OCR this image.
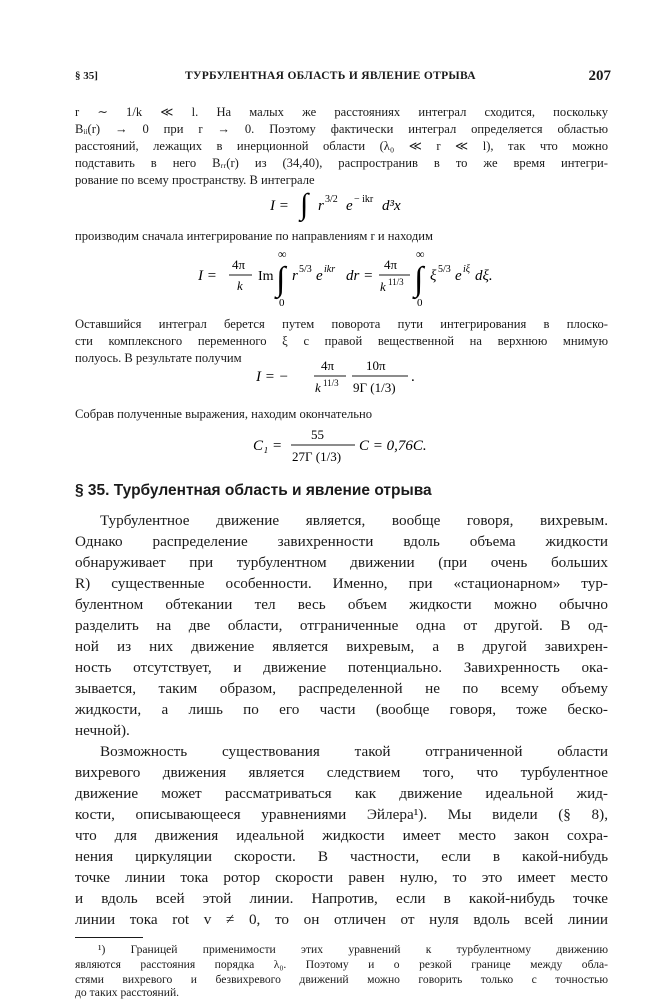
§ 35]	ТУРБУЛЕНТНАЯ ОБЛАСТЬ И ЯВЛЕНИЕ ОТРЫВА	207
r ∼ 1/k ≪ l. На малых же расстояниях интеграл сходится, поскольку
Bᵢᵢ(r) → 0 при r → 0. Поэтому фактически интеграл определяется областью
расстояний, лежащих в инерционной области (λ₀ ≪ r ≪ l), так что можно
подставить в него Bᵣᵣ(r) из (34,40), распространив в то же время интегри-
рование по всему пространству. В интеграле
I = ∫ r 3/2 e − ikr d³x
производим сначала интегрирование по направлениям r и находим
I =
4π
k
Im
∞
∫
0
r 5/3 e ikr dr =
4π
k 11/3
∞
∫
0
ξ 5/3 e iξ dξ.
Оставшийся интеграл берется путем поворота пути интегрирования в плоско-
сти комплексного переменного ξ с правой вещественной на верхнюю мнимую
полуось. В результате получим
I = −
4π
k 11/3
10π
9Γ (1/3)
.
Собрав полученные выражения, находим окончательно
C₁ =
55
27Γ (1/3)
C = 0,76C.
§ 35. Турбулентная область и явление отрыва
Турбулентное движение является, вообще говоря, вихревым.
Однако распределение завихренности вдоль объема жидкости
обнаруживает при турбулентном движении (при очень больших
R) существенные особенности. Именно, при «стационарном» тур-
булентном обтекании тел весь объем жидкости можно обычно
разделить на две области, отграниченные одна от другой. В од-
ной из них движение является вихревым, а в другой завихрен-
ность отсутствует, и движение потенциально. Завихренность ока-
зывается, таким образом, распределенной не по всему объему
жидкости, а лишь по его части (вообще говоря, тоже беско-
нечной).
Возможность существования такой отграниченной области
вихревого движения является следствием того, что турбулентное
движение может рассматриваться как движение идеальной жид-
кости, описывающееся уравнениями Эйлера¹). Мы видели (§ 8),
что для движения идеальной жидкости имеет место закон сохра-
нения циркуляции скорости. В частности, если в какой-нибудь
точке линии тока ротор скорости равен нулю, то это имеет место
и вдоль всей этой линии. Напротив, если в какой-нибудь точке
линии тока rot v ≠ 0, то он отличен от нуля вдоль всей линии
¹) Границей применимости этих уравнений к турбулентному движению
являются расстояния порядка λ₀. Поэтому и о резкой границе между обла-
стями вихревого и безвихревого движений можно говорить только с точностью
до таких расстояний.
